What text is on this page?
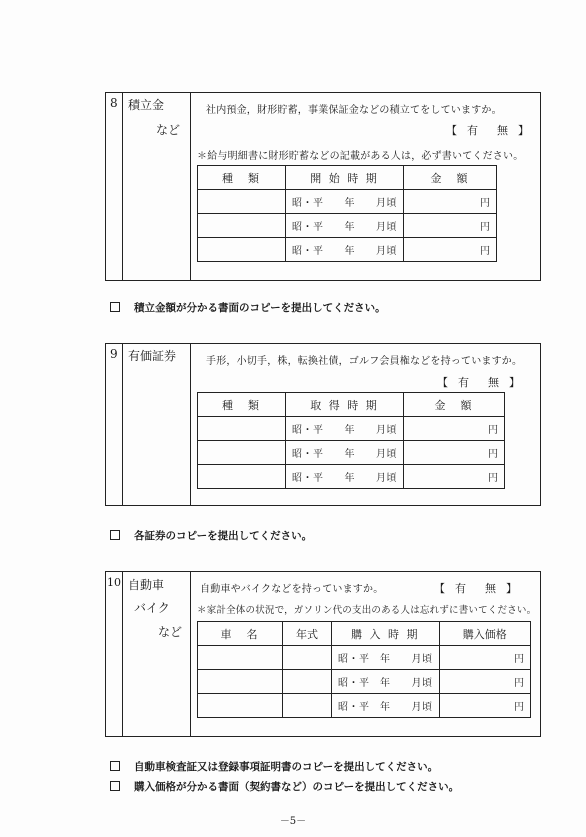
8 積立金
など
社内預金，財形貯蓄，事業保証金などの積立てをしていますか。
【  有    無  】
＊給与明細書に財形貯蓄などの記載がある人は，必ず書いてください。
種　類	開 始 時 期	金　額
	昭・平　　年　　月頃	円
	昭・平　　年　　月頃	円
	昭・平　　年　　月頃	円
積立金額が分かる書面のコピーを提出してください。
9 有価証券	手形，小切手，株，転換社債，ゴルフ会員権などを持っていますか。
【  有    無  】
種　類	取 得 時 期	金　額
	昭・平　　年　　月頃	円
	昭・平　　年　　月頃	円
	昭・平　　年　　月頃	円
各証券のコピーを提出してください。
10 自動車
バイク
など
自動車やバイクなどを持っていますか。	【  有    無  】
＊家計全体の状況で，ガソリン代の支出のある人は忘れずに書いてください。
車　名	年式	購 入 時 期	購入価格
		昭・平　年　　月頃	円
		昭・平　年　　月頃	円
		昭・平　年　　月頃	円
自動車検査証又は登録事項証明書のコピーを提出してください。
購入価格が分かる書面（契約書など）のコピーを提出してください。
－5－
